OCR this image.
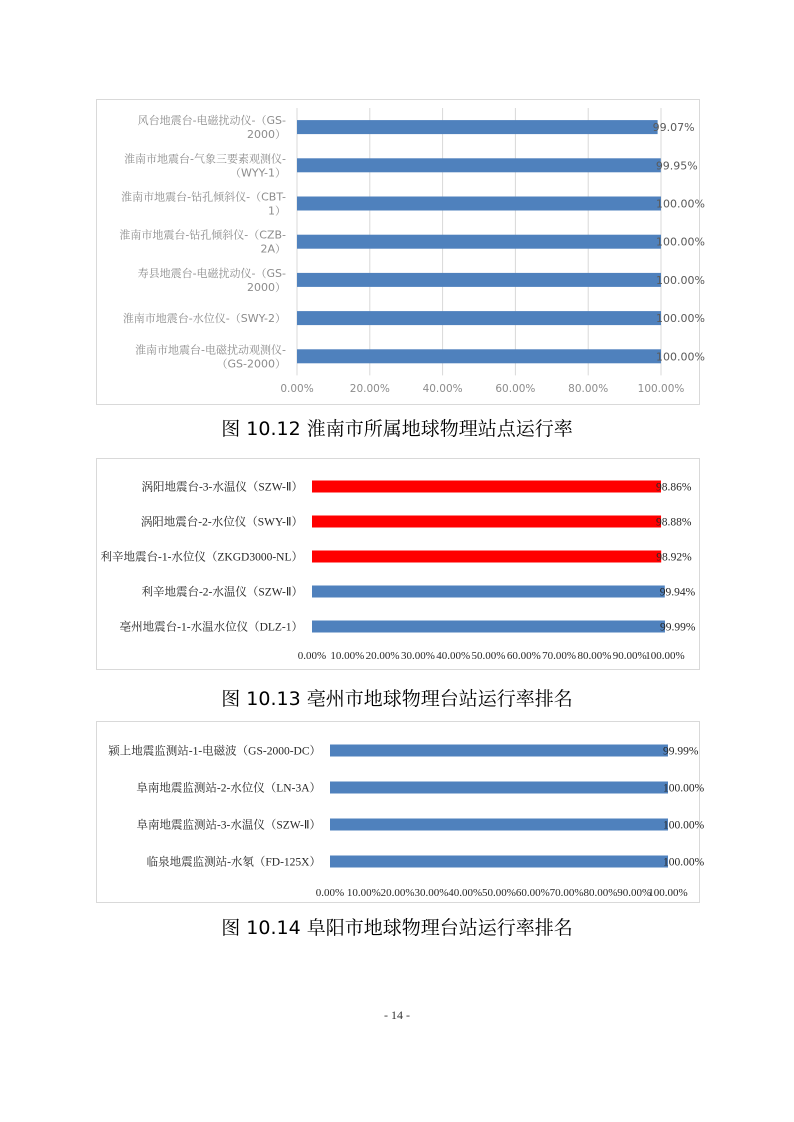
0.00%	20.00%	40.00%	60.00%	80.00%	100.00%
风台地震台-电磁扰动仪-（GS-
2000）
99.07%
淮南市地震台-气象三要素观测仪-
（WYY-1）
99.95%
淮南市地震台-钻孔倾斜仪-（CBT-
1）
100.00%
淮南市地震台-钻孔倾斜仪-（CZB-
2A）
100.00%
寿县地震台-电磁扰动仪-（GS-
2000）
100.00%
淮南市地震台-水位仪-（SWY-2）	100.00%
淮南市地震台-电磁扰动观测仪-
（GS-2000）
100.00%
图 10.12 淮南市所属地球物理站点运行率
0.00% 10.00% 20.00% 30.00% 40.00% 50.00% 60.00% 70.00% 80.00% 90.00%
100.00%
涡阳地震台-3-水温仪（SZW-Ⅱ）	98.86%
涡阳地震台-2-水位仪（SWY-Ⅱ）	98.88%
利辛地震台-1-水位仪（ZKGD3000-NL）	98.92%
利辛地震台-2-水温仪（SZW-Ⅱ）	99.94%
亳州地震台-1-水温水位仪（DLZ-1）	99.99%
图 10.13 亳州市地球物理台站运行率排名
0.00% 10.00% 20.00% 30.00% 40.00% 50.00% 60.00% 70.00% 80.00% 90.00%
100.00%
颍上地震监测站-1-电磁波（GS-2000-DC）	99.99%
阜南地震监测站-2-水位仪（LN-3A）	100.00%
阜南地震监测站-3-水温仪（SZW-Ⅱ）	100.00%
临泉地震监测站-水氡（FD-125X）	100.00%
图 10.14 阜阳市地球物理台站运行率排名
- 14 -
